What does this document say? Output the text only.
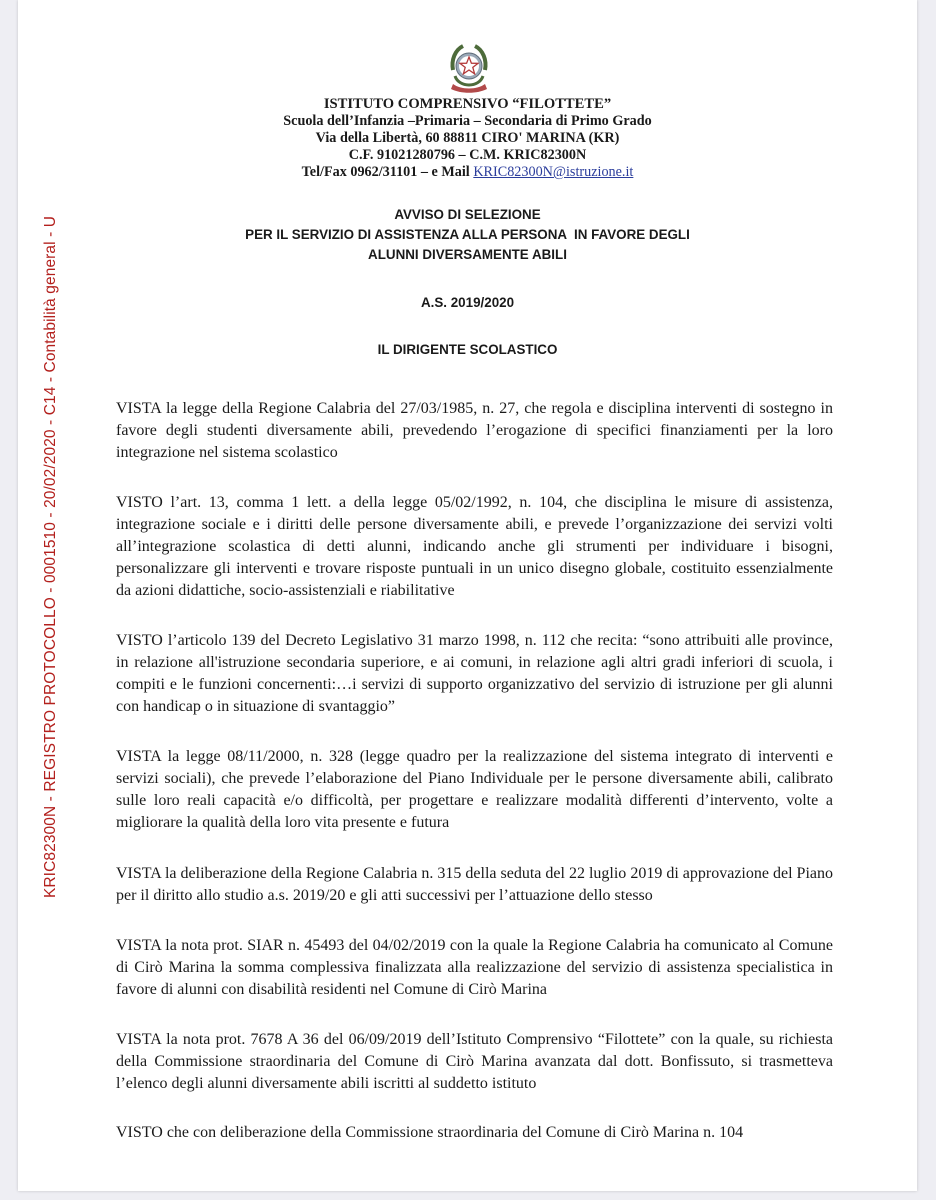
KRIC82300N - REGISTRO PROTOCOLLO - 0001510 - 20/02/2020 - C14 - Contabilità general - U
ISTITUTO COMPRENSIVO “FILOTTETE”
Scuola dell’Infanzia –Primaria – Secondaria di Primo Grado
Via della Libertà, 60 88811 CIRO' MARINA (KR)
C.F. 91021280796 – C.M. KRIC82300N
Tel/Fax 0962/31101 – e Mail KRIC82300N@istruzione.it
AVVISO DI SELEZIONE
PER IL SERVIZIO DI ASSISTENZA ALLA PERSONA  IN FAVORE DEGLI
ALUNNI DIVERSAMENTE ABILI
A.S. 2019/2020
IL DIRIGENTE SCOLASTICO

VISTA la legge della Regione Calabria del 27/03/1985, n. 27, che regola e disciplina interventi di sostegno in favore degli studenti diversamente abili, prevedendo l’erogazione di specifici finanziamenti per la loro integrazione nel sistema scolastico

VISTO l’art. 13, comma 1 lett. a della legge 05/02/1992, n. 104, che disciplina le misure di assistenza, integrazione sociale e i diritti delle persone diversamente abili, e prevede l’organizzazione dei servizi volti all’integrazione scolastica di detti alunni, indicando anche gli strumenti per individuare i bisogni, personalizzare gli interventi e trovare risposte puntuali in un unico disegno globale, costituito essenzialmente da azioni didattiche, socio-assistenziali e riabilitative

VISTO l’articolo 139 del Decreto Legislativo 31 marzo 1998, n. 112 che recita: “sono attribuiti alle province, in relazione all'istruzione secondaria superiore, e ai comuni, in relazione agli altri gradi inferiori di scuola, i compiti e le funzioni concernenti:…i servizi di supporto organizzativo del servizio di istruzione per gli alunni con handicap o in situazione di svantaggio”

VISTA la legge 08/11/2000, n. 328 (legge quadro per la realizzazione del sistema integrato di interventi e servizi sociali), che prevede l’elaborazione del Piano Individuale per le persone diversamente abili, calibrato sulle loro reali capacità e/o difficoltà, per progettare e realizzare modalità differenti d’intervento, volte a migliorare la qualità della loro vita presente e futura

VISTA la deliberazione della Regione Calabria n. 315 della seduta del 22 luglio 2019 di approvazione del Piano per il diritto allo studio a.s. 2019/20 e gli atti successivi per l’attuazione dello stesso

VISTA la nota prot. SIAR n. 45493 del 04/02/2019 con la quale la Regione Calabria ha comunicato al Comune di Cirò Marina la somma complessiva finalizzata alla realizzazione del servizio di assistenza specialistica in favore di alunni con disabilità residenti nel Comune di Cirò Marina

VISTA la nota prot. 7678 A 36 del 06/09/2019 dell’Istituto Comprensivo “Filottete” con la quale, su richiesta della Commissione straordinaria del Comune di Cirò Marina avanzata dal dott. Bonfissuto, si trasmetteva l’elenco degli alunni diversamente abili iscritti al suddetto istituto

VISTO che con deliberazione della Commissione straordinaria del Comune di Cirò Marina n. 104
